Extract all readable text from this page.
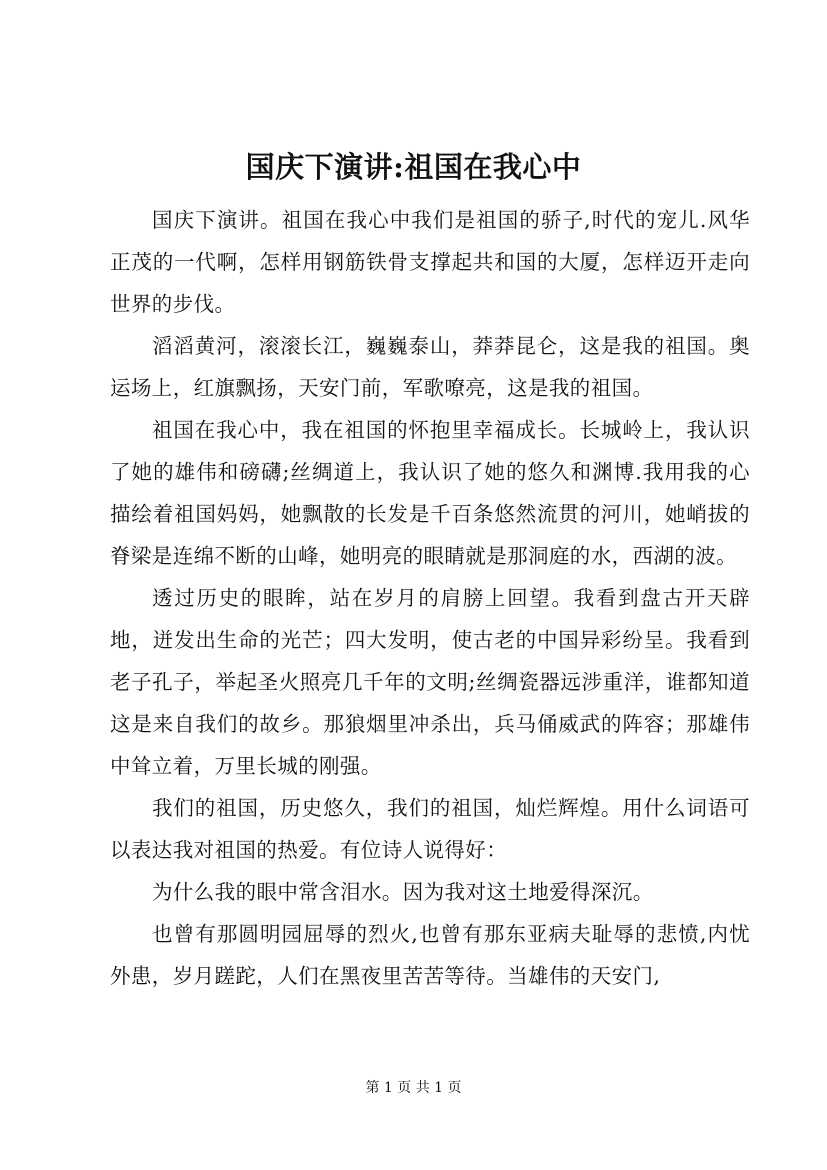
国庆下演讲:祖国在我心中

国庆下演讲。祖国在我心中我们是祖国的骄子,时代的宠儿.风华正茂的一代啊，怎样用钢筋铁骨支撑起共和国的大厦，怎样迈开走向世界的步伐。

滔滔黄河，滚滚长江，巍巍泰山，莽莽昆仑，这是我的祖国。奥运场上，红旗飘扬，天安门前，军歌嘹亮，这是我的祖国。

祖国在我心中，我在祖国的怀抱里幸福成长。长城岭上，我认识了她的雄伟和磅礴;丝绸道上，我认识了她的悠久和渊博.我用我的心描绘着祖国妈妈，她飘散的长发是千百条悠然流贯的河川，她峭拔的脊梁是连绵不断的山峰，她明亮的眼睛就是那洞庭的水，西湖的波。

透过历史的眼眸，站在岁月的肩膀上回望。我看到盘古开天辟地，迸发出生命的光芒；四大发明，使古老的中国异彩纷呈。我看到老子孔子，举起圣火照亮几千年的文明;丝绸瓷器远涉重洋，谁都知道这是来自我们的故乡。那狼烟里冲杀出，兵马俑威武的阵容；那雄伟中耸立着，万里长城的刚强。

我们的祖国，历史悠久，我们的祖国，灿烂辉煌。用什么词语可以表达我对祖国的热爱。有位诗人说得好：

为什么我的眼中常含泪水。因为我对这土地爱得深沉。

也曾有那圆明园屈辱的烈火,也曾有那东亚病夫耻辱的悲愤,内忧外患，岁月蹉跎，人们在黑夜里苦苦等待。当雄伟的天安门,

第 1 页 共 1 页
